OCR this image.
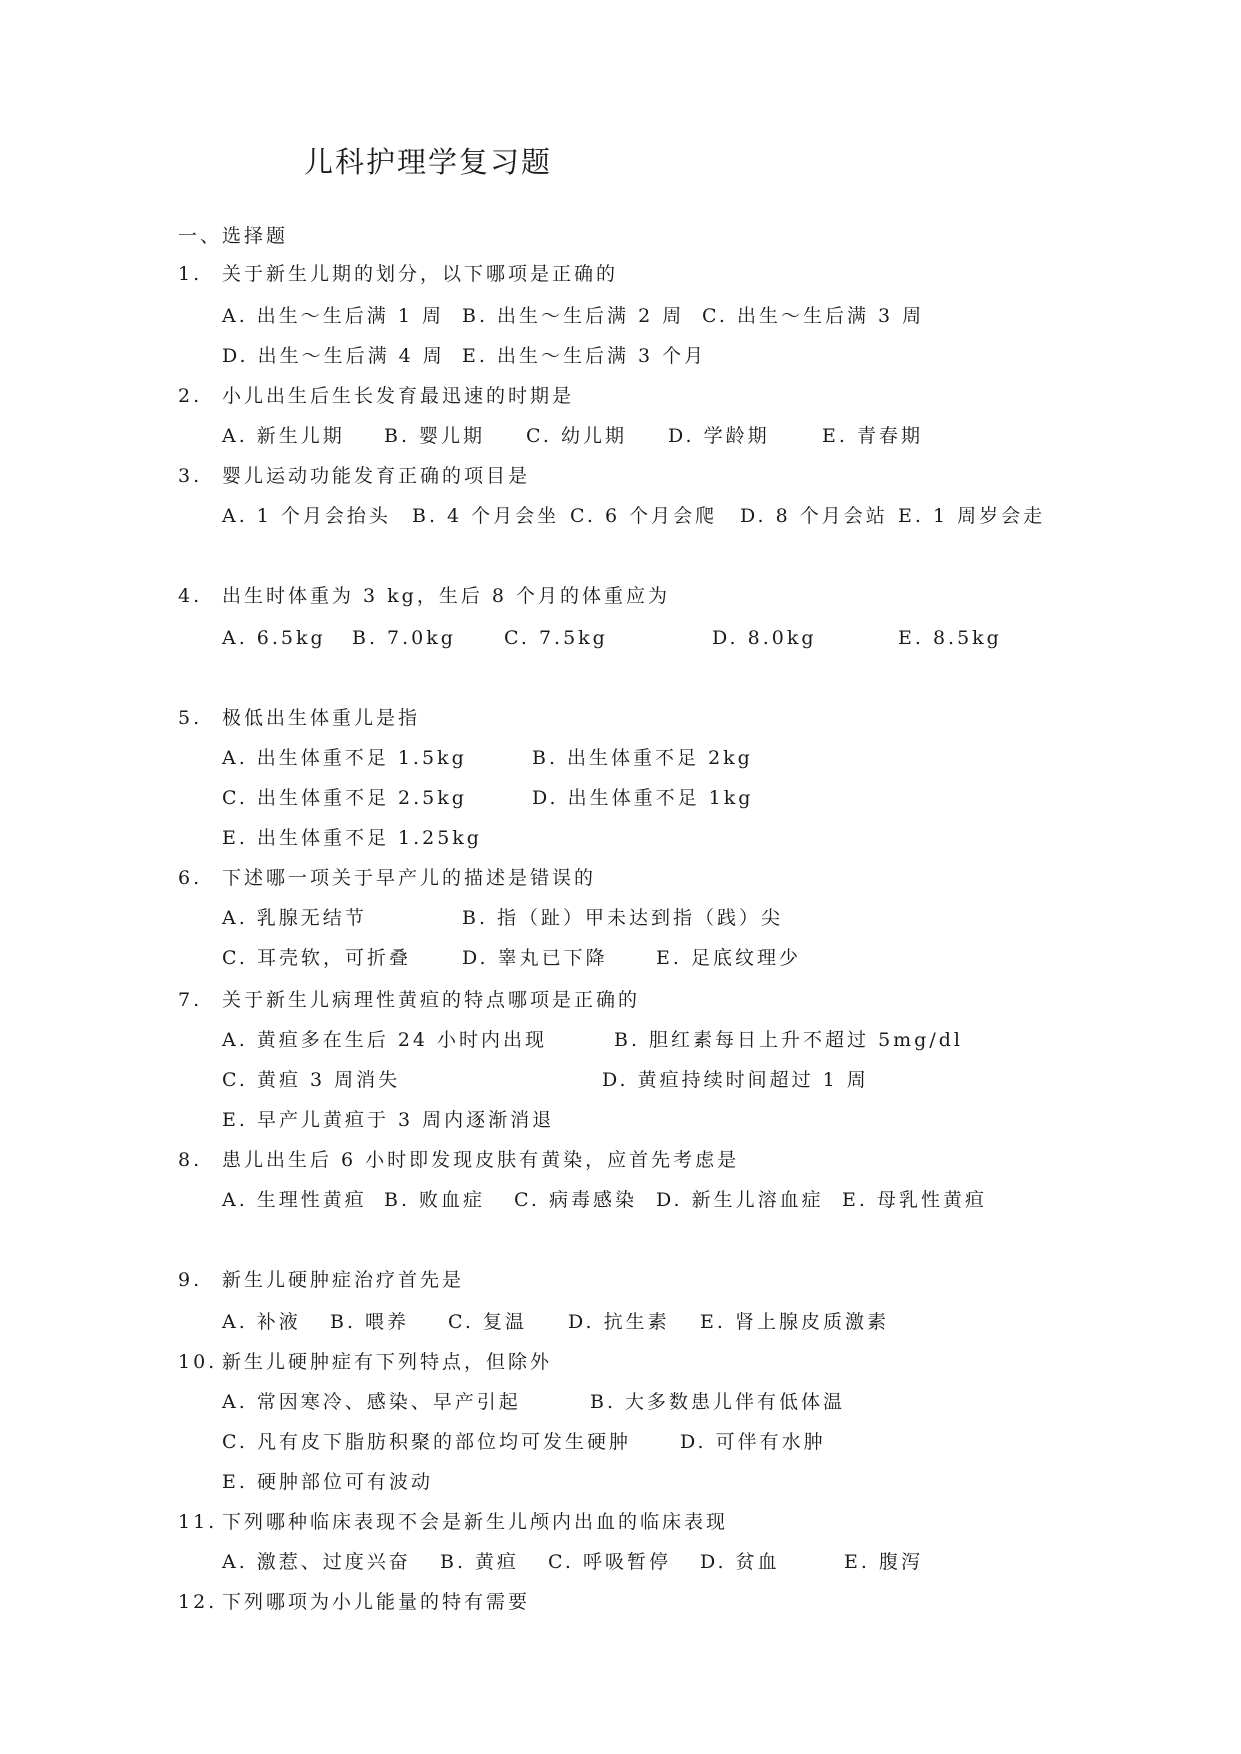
儿科护理学复习题
一、选择题
1. 关于新生儿期的划分，以下哪项是正确的
A. 出生～生后满 1 周 B. 出生～生后满 2 周 C. 出生～生后满 3 周
D. 出生～生后满 4 周 E. 出生～生后满 3 个月
2. 小儿出生后生长发育最迅速的时期是
A. 新生儿期 B. 婴儿期 C. 幼儿期 D. 学龄期	E. 青春期
3. 婴儿运动功能发育正确的项目是
A. 1 个月会抬头 B. 4 个月会坐 C. 6 个月会爬 D. 8 个月会站 E. 1 周岁会走
4. 出生时体重为 3 kg，生后 8 个月的体重应为
A. 6.5kg B. 7.0kg	C. 7.5kg	D. 8.0kg	E. 8.5kg
5. 极低出生体重儿是指
A. 出生体重不足 1.5kg	B. 出生体重不足 2kg
C. 出生体重不足 2.5kg	D. 出生体重不足 1kg
E. 出生体重不足 1.25kg
6. 下述哪一项关于早产儿的描述是错误的
A. 乳腺无结节	B. 指（趾）甲未达到指（践）尖
C. 耳壳软，可折叠	D. 睾丸已下降	E. 足底纹理少
7. 关于新生儿病理性黄疸的特点哪项是正确的
A. 黄疸多在生后 24 小时内出现	B. 胆红素每日上升不超过 5mg/dl
C. 黄疸 3 周消失	D. 黄疸持续时间超过 1 周
E. 早产儿黄疸于 3 周内逐渐消退
8. 患儿出生后 6 小时即发现皮肤有黄染，应首先考虑是
A. 生理性黄疸 B. 败血症 C. 病毒感染 D. 新生儿溶血症 E. 母乳性黄疸
9. 新生儿硬肿症治疗首先是
A. 补液 B. 喂养 C. 复温 D. 抗生素 E. 肾上腺皮质激素
10. 新生儿硬肿症有下列特点，但除外
A. 常因寒冷、感染、早产引起	B. 大多数患儿伴有低体温
C. 凡有皮下脂肪积聚的部位均可发生硬肿	D. 可伴有水肿
E. 硬肿部位可有波动
11. 下列哪种临床表现不会是新生儿颅内出血的临床表现
A. 激惹、过度兴奋 B. 黄疸 C. 呼吸暂停 D. 贫血	E. 腹泻
12. 下列哪项为小儿能量的特有需要
